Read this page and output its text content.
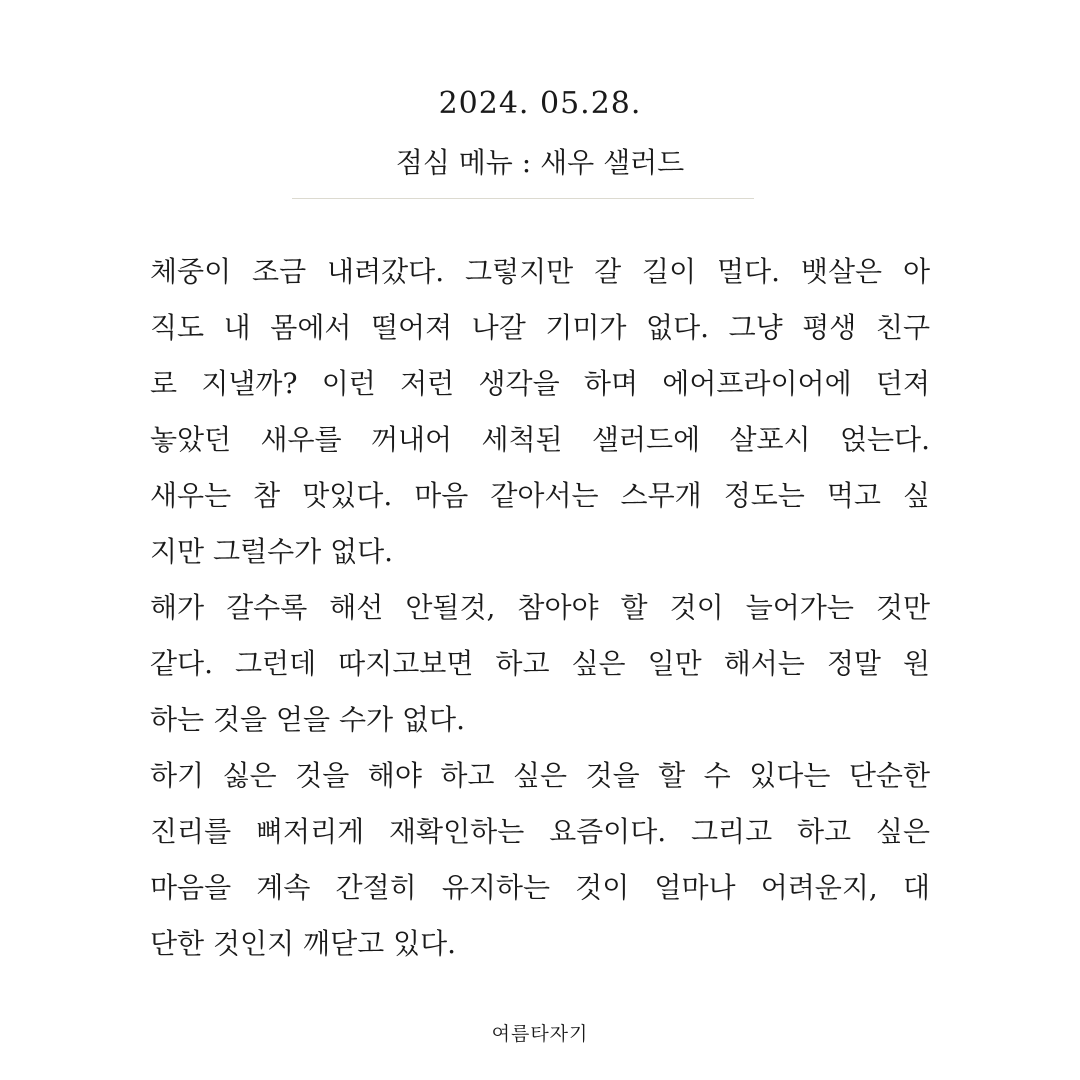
2024. 05.28.
점심 메뉴 : 새우 샐러드
체중이 조금 내려갔다. 그렇지만 갈 길이 멀다. 뱃살은 아
직도 내 몸에서 떨어져 나갈 기미가 없다. 그냥 평생 친구
로 지낼까? 이런 저런 생각을 하며 에어프라이어에 던져
놓았던 새우를 꺼내어 세척된 샐러드에 살포시 얹는다.
새우는 참 맛있다. 마음 같아서는 스무개 정도는 먹고 싶
지만 그럴수가 없다.
해가 갈수록 해선 안될것, 참아야 할 것이 늘어가는 것만
같다. 그런데 따지고보면 하고 싶은 일만 해서는 정말 원
하는 것을 얻을 수가 없다.
하기 싫은 것을 해야 하고 싶은 것을 할 수 있다는 단순한
진리를 뼈저리게 재확인하는 요즘이다. 그리고 하고 싶은
마음을 계속 간절히 유지하는 것이 얼마나 어려운지, 대
단한 것인지 깨닫고 있다.
여름타자기
